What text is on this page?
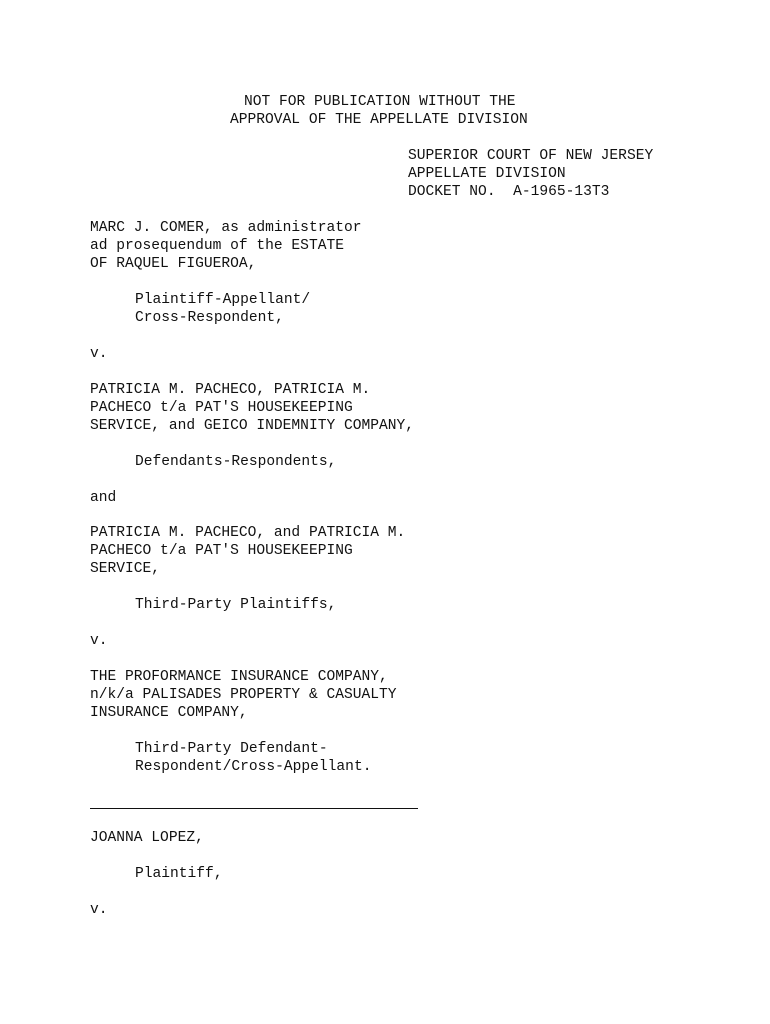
NOT FOR PUBLICATION WITHOUT THE
APPROVAL OF THE APPELLATE DIVISION
SUPERIOR COURT OF NEW JERSEY
APPELLATE DIVISION
DOCKET NO.  A-1965-13T3
MARC J. COMER, as administrator
ad prosequendum of the ESTATE
OF RAQUEL FIGUEROA,
Plaintiff-Appellant/
Cross-Respondent,
v.
PATRICIA M. PACHECO, PATRICIA M.
PACHECO t/a PAT'S HOUSEKEEPING
SERVICE, and GEICO INDEMNITY COMPANY,
Defendants-Respondents,
and
PATRICIA M. PACHECO, and PATRICIA M.
PACHECO t/a PAT'S HOUSEKEEPING
SERVICE,
Third-Party Plaintiffs,
v.
THE PROFORMANCE INSURANCE COMPANY,
n/k/a PALISADES PROPERTY & CASUALTY
INSURANCE COMPANY,
Third-Party Defendant-
Respondent/Cross-Appellant.
JOANNA LOPEZ,
Plaintiff,
v.
